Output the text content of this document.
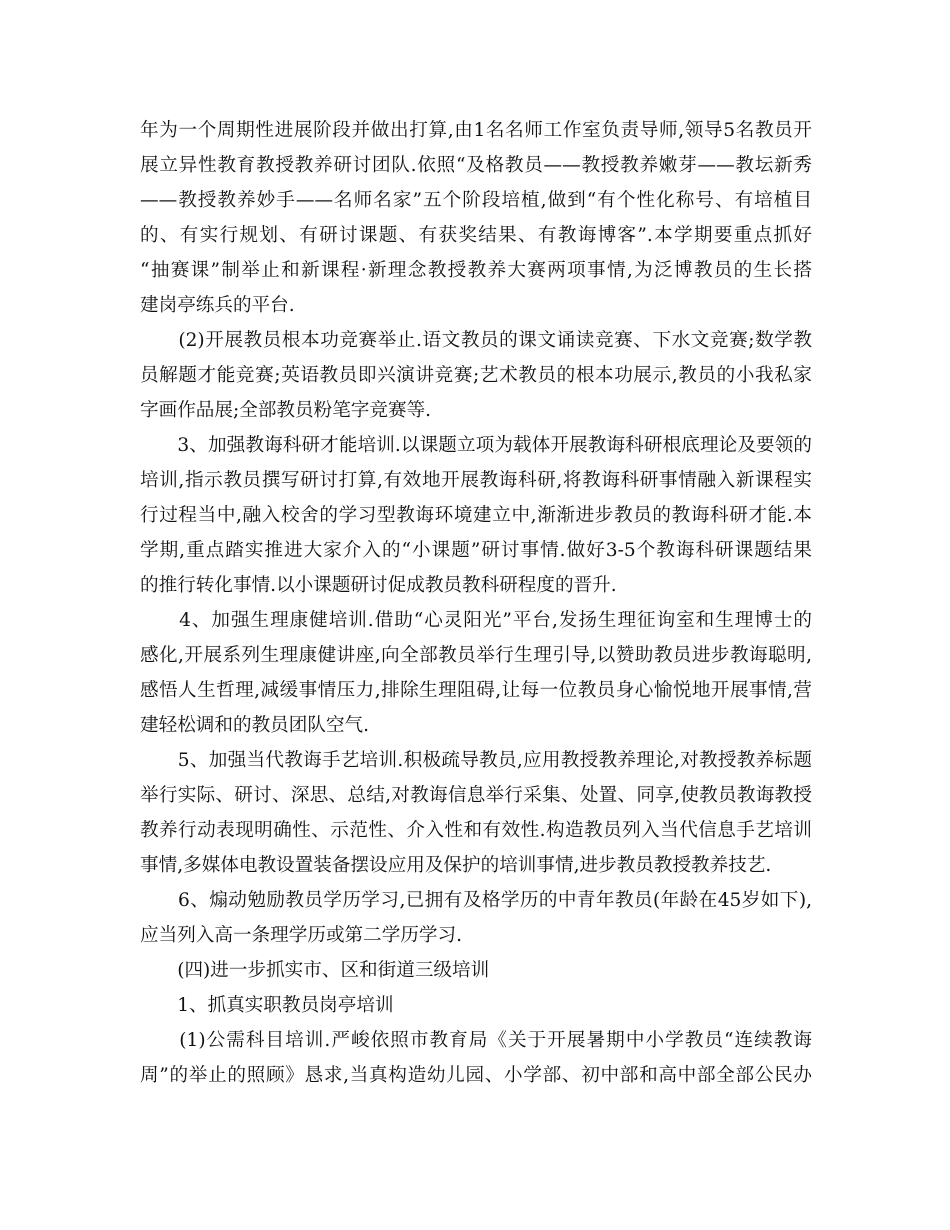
年为一个周期性进展阶段并做出打算,由1名名师工作室负责导师,领导5名教员开
展立异性教育教授教养研讨团队.依照“及格教员——教授教养嫩芽——教坛新秀
——教授教养妙手——名师名家”五个阶段培植,做到“有个性化称号、有培植目
的、有实行规划、有研讨课题、有获奖结果、有教诲博客”.本学期要重点抓好
“抽赛课”制举止和新课程·新理念教授教养大赛两项事情,为泛博教员的生长搭
建岗亭练兵的平台.
　　(2)开展教员根本功竞赛举止.语文教员的课文诵读竞赛、下水文竞赛;数学教
员解题才能竞赛;英语教员即兴演讲竞赛;艺术教员的根本功展示,教员的小我私家
字画作品展;全部教员粉笔字竞赛等.
　　3、加强教诲科研才能培训.以课题立项为载体开展教诲科研根底理论及要领的
培训,指示教员撰写研讨打算,有效地开展教诲科研,将教诲科研事情融入新课程实
行过程当中,融入校舍的学习型教诲环境建立中,渐渐进步教员的教诲科研才能.本
学期,重点踏实推进大家介入的“小课题”研讨事情.做好3-5个教诲科研课题结果
的推行转化事情.以小课题研讨促成教员教科研程度的晋升.
　　4、加强生理康健培训.借助“心灵阳光”平台,发扬生理征询室和生理博士的
感化,开展系列生理康健讲座,向全部教员举行生理引导,以赞助教员进步教诲聪明,
感悟人生哲理,减缓事情压力,排除生理阻碍,让每一位教员身心愉悦地开展事情,营
建轻松调和的教员团队空气.
　　5、加强当代教诲手艺培训.积极疏导教员,应用教授教养理论,对教授教养标题
举行实际、研讨、深思、总结,对教诲信息举行采集、处置、同享,使教员教诲教授
教养行动表现明确性、示范性、介入性和有效性.构造教员列入当代信息手艺培训
事情,多媒体电教设置装备摆设应用及保护的培训事情,进步教员教授教养技艺.
　　6、煽动勉励教员学历学习,已拥有及格学历的中青年教员(年龄在45岁如下),
应当列入高一条理学历或第二学历学习.
　　(四)进一步抓实市、区和街道三级培训
　　1、抓真实职教员岗亭培训
　　(1)公需科目培训.严峻依照市教育局《关于开展暑期中小学教员“连续教诲
周”的举止的照顾》恳求,当真构造幼儿园、小学部、初中部和高中部全部公民办
